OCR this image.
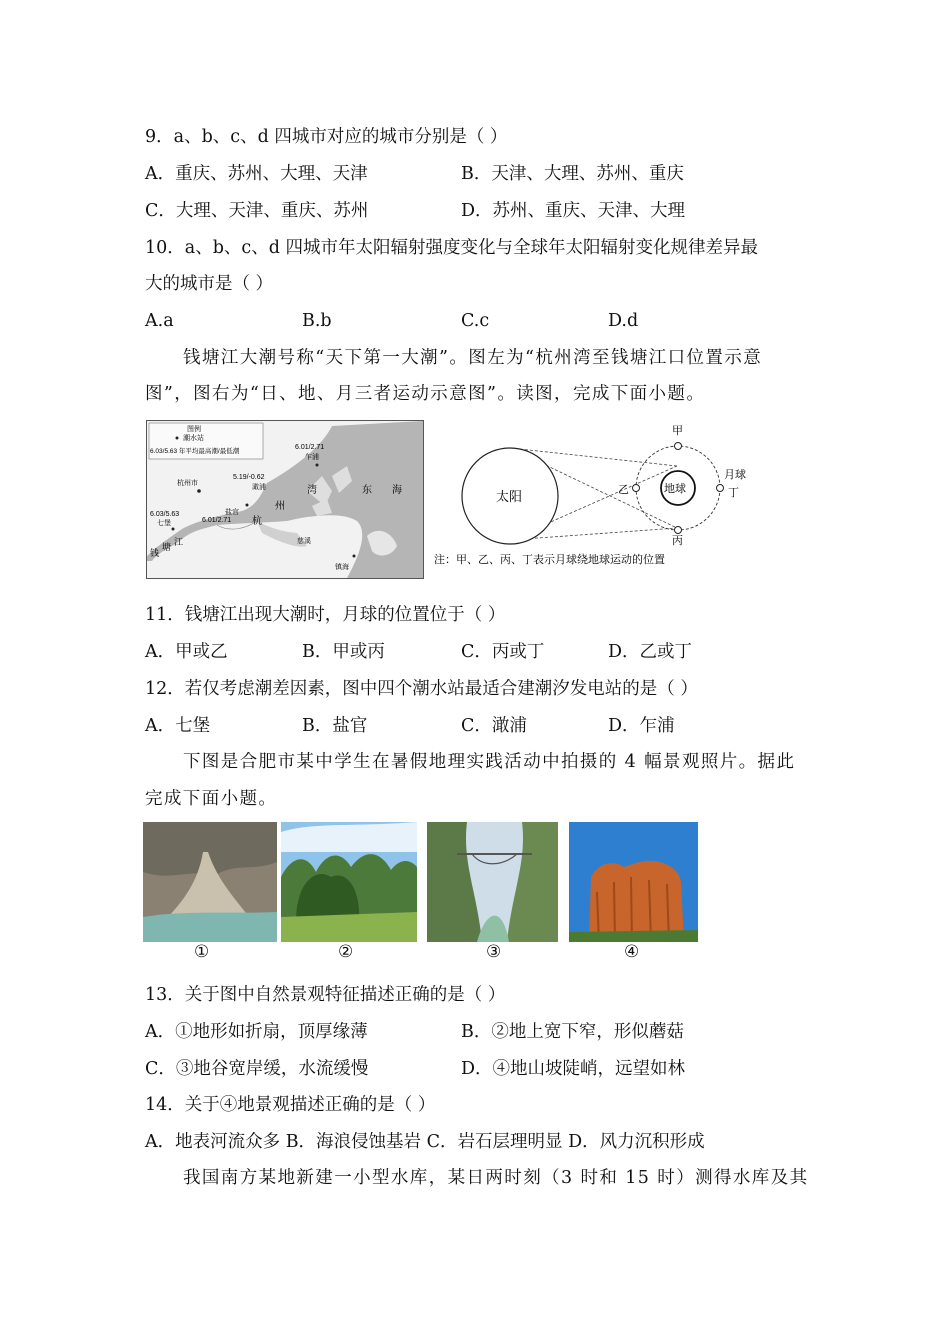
9．a、b、c、d 四城市对应的城市分别是（ ）
A．重庆、苏州、大理、天津	B．天津、大理、苏州、重庆
C．大理、天津、重庆、苏州	D．苏州、重庆、天津、大理
10．a、b、c、d 四城市年太阳辐射强度变化与全球年太阳辐射变化规律差异最
大的城市是（ ）
A.a	B.b	C.c	D.d
钱塘江大潮号称“天下第一大潮”。图左为“杭州湾至钱塘江口位置示意
图”，图右为“日、地、月三者运动示意图”。读图，完成下面小题。
图例
潮水站
6.03/5.63 年平均最高潮/最低潮
6.01/2.71
乍浦
5.19/-0.62
澉浦
杭州市
6.03/5.63
七堡
盐官
6.01/2.71
钱
塘 江
杭
州
湾	东 海
慈溪
镇海
太阳	地球
甲
丙
乙	丁
月球
注：甲、乙、丙、丁表示月球绕地球运动的位置
11．钱塘江出现大潮时，月球的位置位于（ ）
A．甲或乙	B．甲或丙	C．丙或丁	D．乙或丁
12．若仅考虑潮差因素，图中四个潮水站最适合建潮汐发电站的是（ ）
A．七堡	B．盐官	C．澉浦	D．乍浦
下图是合肥市某中学生在暑假地理实践活动中拍摄的 4 幅景观照片。据此
完成下面小题。
①	②	③	④
13．关于图中自然景观特征描述正确的是（ ）
A．①地形如折扇，顶厚缘薄	B．②地上宽下窄，形似蘑菇
C．③地谷宽岸缓，水流缓慢	D．④地山坡陡峭，远望如林
14．关于④地景观描述正确的是（ ）
A．地表河流众多 B．海浪侵蚀基岩 C．岩石层理明显 D．风力沉积形成
我国南方某地新建一小型水库，某日两时刻（3 时和 15 时）测得水库及其
